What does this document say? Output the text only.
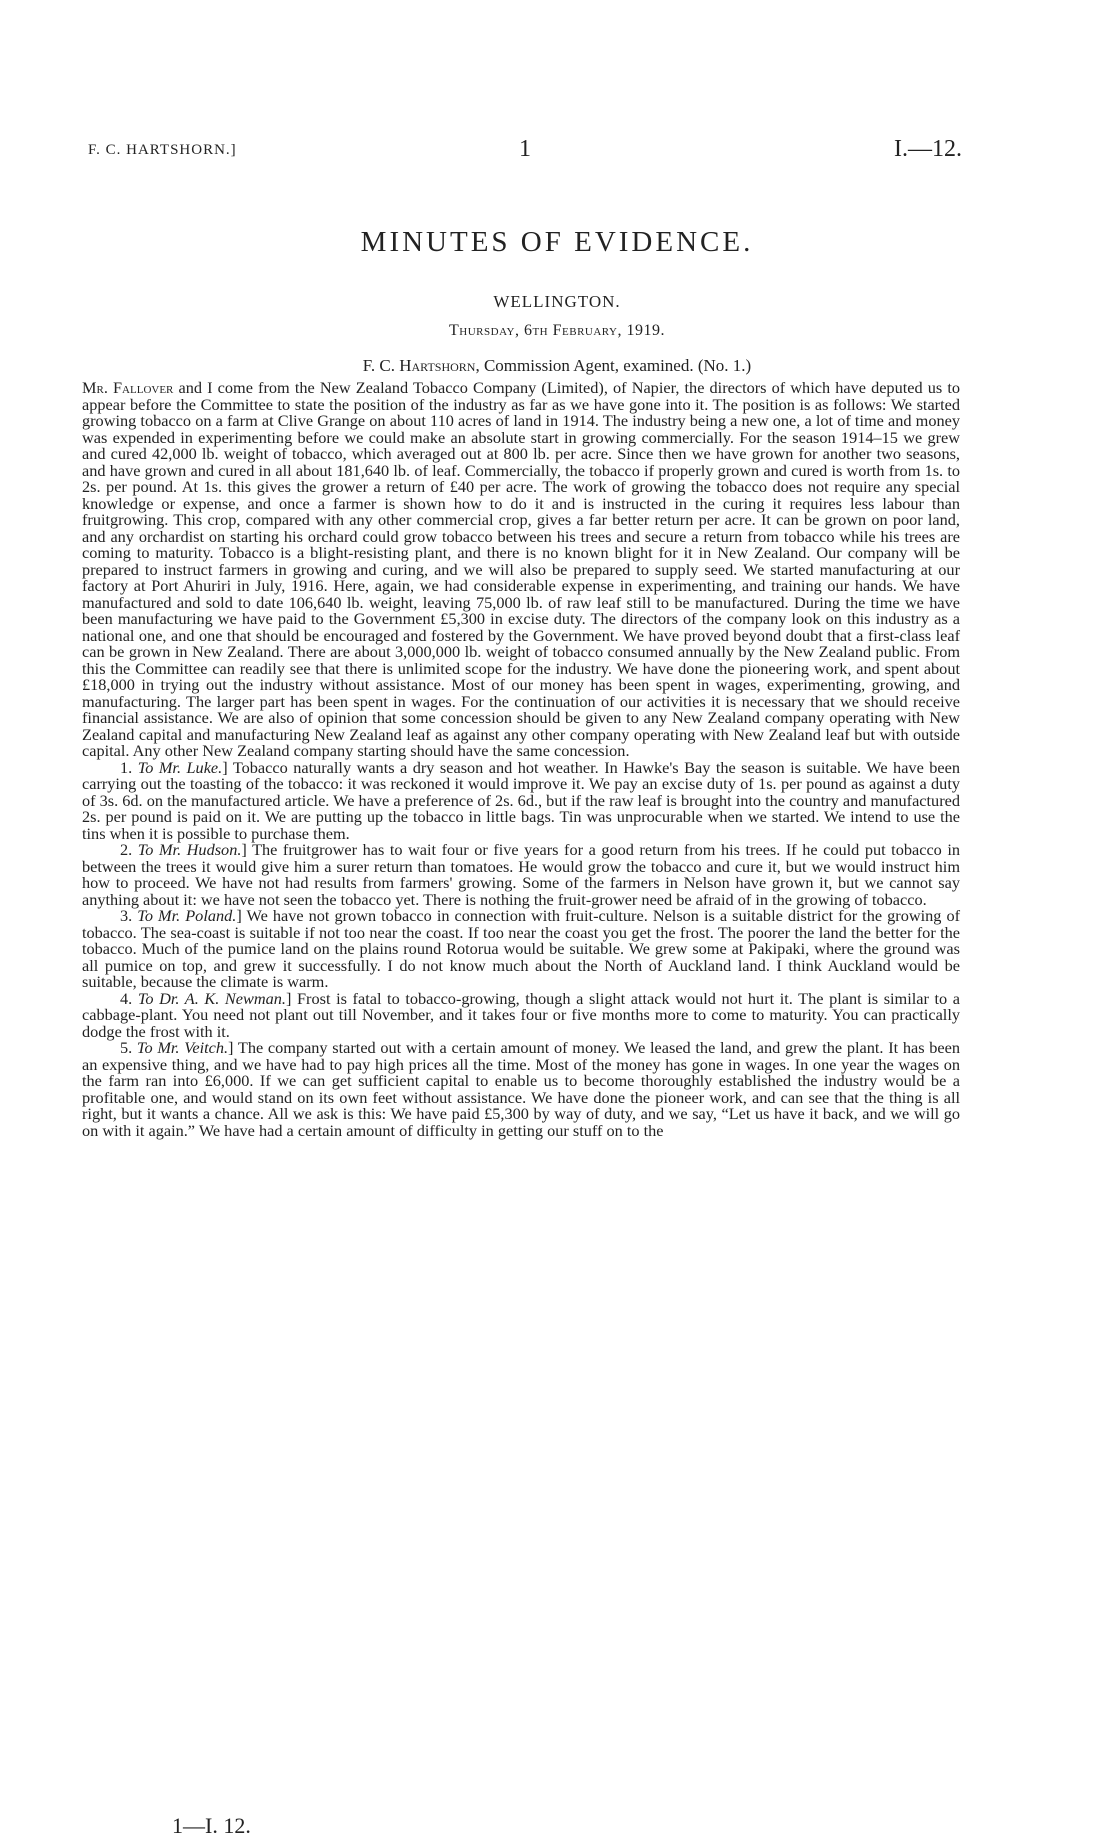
F. C. HARTSHORN.]	1	I.—12.
MINUTES OF EVIDENCE.
WELLINGTON.
Thursday, 6th February, 1919.
F. C. Hartshorn, Commission Agent, examined. (No. 1.)

Mr. Fallover and I come from the New Zealand Tobacco Company (Limited), of Napier, the directors of which have deputed us to appear before the Committee to state the position of the industry as far as we have gone into it. The position is as follows: We started growing tobacco on a farm at Clive Grange on about 110 acres of land in 1914. The industry being a new one, a lot of time and money was expended in experimenting before we could make an absolute start in growing commercially. For the season 1914–15 we grew and cured 42,000 lb. weight of tobacco, which averaged out at 800 lb. per acre. Since then we have grown for another two seasons, and have grown and cured in all about 181,640 lb. of leaf. Commercially, the tobacco if properly grown and cured is worth from 1s. to 2s. per pound. At 1s. this gives the grower a return of £40 per acre. The work of growing the tobacco does not require any special knowledge or expense, and once a farmer is shown how to do it and is instructed in the curing it requires less labour than fruitgrowing. This crop, compared with any other commercial crop, gives a far better return per acre. It can be grown on poor land, and any orchardist on starting his orchard could grow tobacco between his trees and secure a return from tobacco while his trees are coming to maturity. Tobacco is a blight-resisting plant, and there is no known blight for it in New Zealand. Our company will be prepared to instruct farmers in growing and curing, and we will also be prepared to supply seed. We started manufacturing at our factory at Port Ahuriri in July, 1916. Here, again, we had considerable expense in experimenting, and training our hands. We have manufactured and sold to date 106,640 lb. weight, leaving 75,000 lb. of raw leaf still to be manufactured. During the time we have been manufacturing we have paid to the Government £5,300 in excise duty. The directors of the company look on this industry as a national one, and one that should be encouraged and fostered by the Government. We have proved beyond doubt that a first-class leaf can be grown in New Zealand. There are about 3,000,000 lb. weight of tobacco consumed annually by the New Zealand public. From this the Committee can readily see that there is unlimited scope for the industry. We have done the pioneering work, and spent about £18,000 in trying out the industry without assistance. Most of our money has been spent in wages, experimenting, growing, and manufacturing. The larger part has been spent in wages. For the continuation of our activities it is necessary that we should receive financial assistance. We are also of opinion that some concession should be given to any New Zealand company operating with New Zealand capital and manufacturing New Zealand leaf as against any other company operating with New Zealand leaf but with outside capital. Any other New Zealand company starting should have the same concession.

1. To Mr. Luke.] Tobacco naturally wants a dry season and hot weather. In Hawke's Bay the season is suitable. We have been carrying out the toasting of the tobacco: it was reckoned it would improve it. We pay an excise duty of 1s. per pound as against a duty of 3s. 6d. on the manufactured article. We have a preference of 2s. 6d., but if the raw leaf is brought into the country and manufactured 2s. per pound is paid on it. We are putting up the tobacco in little bags. Tin was unprocurable when we started. We intend to use the tins when it is possible to purchase them.

2. To Mr. Hudson.] The fruitgrower has to wait four or five years for a good return from his trees. If he could put tobacco in between the trees it would give him a surer return than tomatoes. He would grow the tobacco and cure it, but we would instruct him how to proceed. We have not had results from farmers' growing. Some of the farmers in Nelson have grown it, but we cannot say anything about it: we have not seen the tobacco yet. There is nothing the fruit-grower need be afraid of in the growing of tobacco.

3. To Mr. Poland.] We have not grown tobacco in connection with fruit-culture. Nelson is a suitable district for the growing of tobacco. The sea-coast is suitable if not too near the coast. If too near the coast you get the frost. The poorer the land the better for the tobacco. Much of the pumice land on the plains round Rotorua would be suitable. We grew some at Pakipaki, where the ground was all pumice on top, and grew it successfully. I do not know much about the North of Auckland land. I think Auckland would be suitable, because the climate is warm.

4. To Dr. A. K. Newman.] Frost is fatal to tobacco-growing, though a slight attack would not hurt it. The plant is similar to a cabbage-plant. You need not plant out till November, and it takes four or five months more to come to maturity. You can practically dodge the frost with it.

5. To Mr. Veitch.] The company started out with a certain amount of money. We leased the land, and grew the plant. It has been an expensive thing, and we have had to pay high prices all the time. Most of the money has gone in wages. In one year the wages on the farm ran into £6,000. If we can get sufficient capital to enable us to become thoroughly established the industry would be a profitable one, and would stand on its own feet without assistance. We have done the pioneer work, and can see that the thing is all right, but it wants a chance. All we ask is this: We have paid £5,300 by way of duty, and we say, “Let us have it back, and we will go on with it again.” We have had a certain amount of difficulty in getting our stuff on to the

1—I. 12.
